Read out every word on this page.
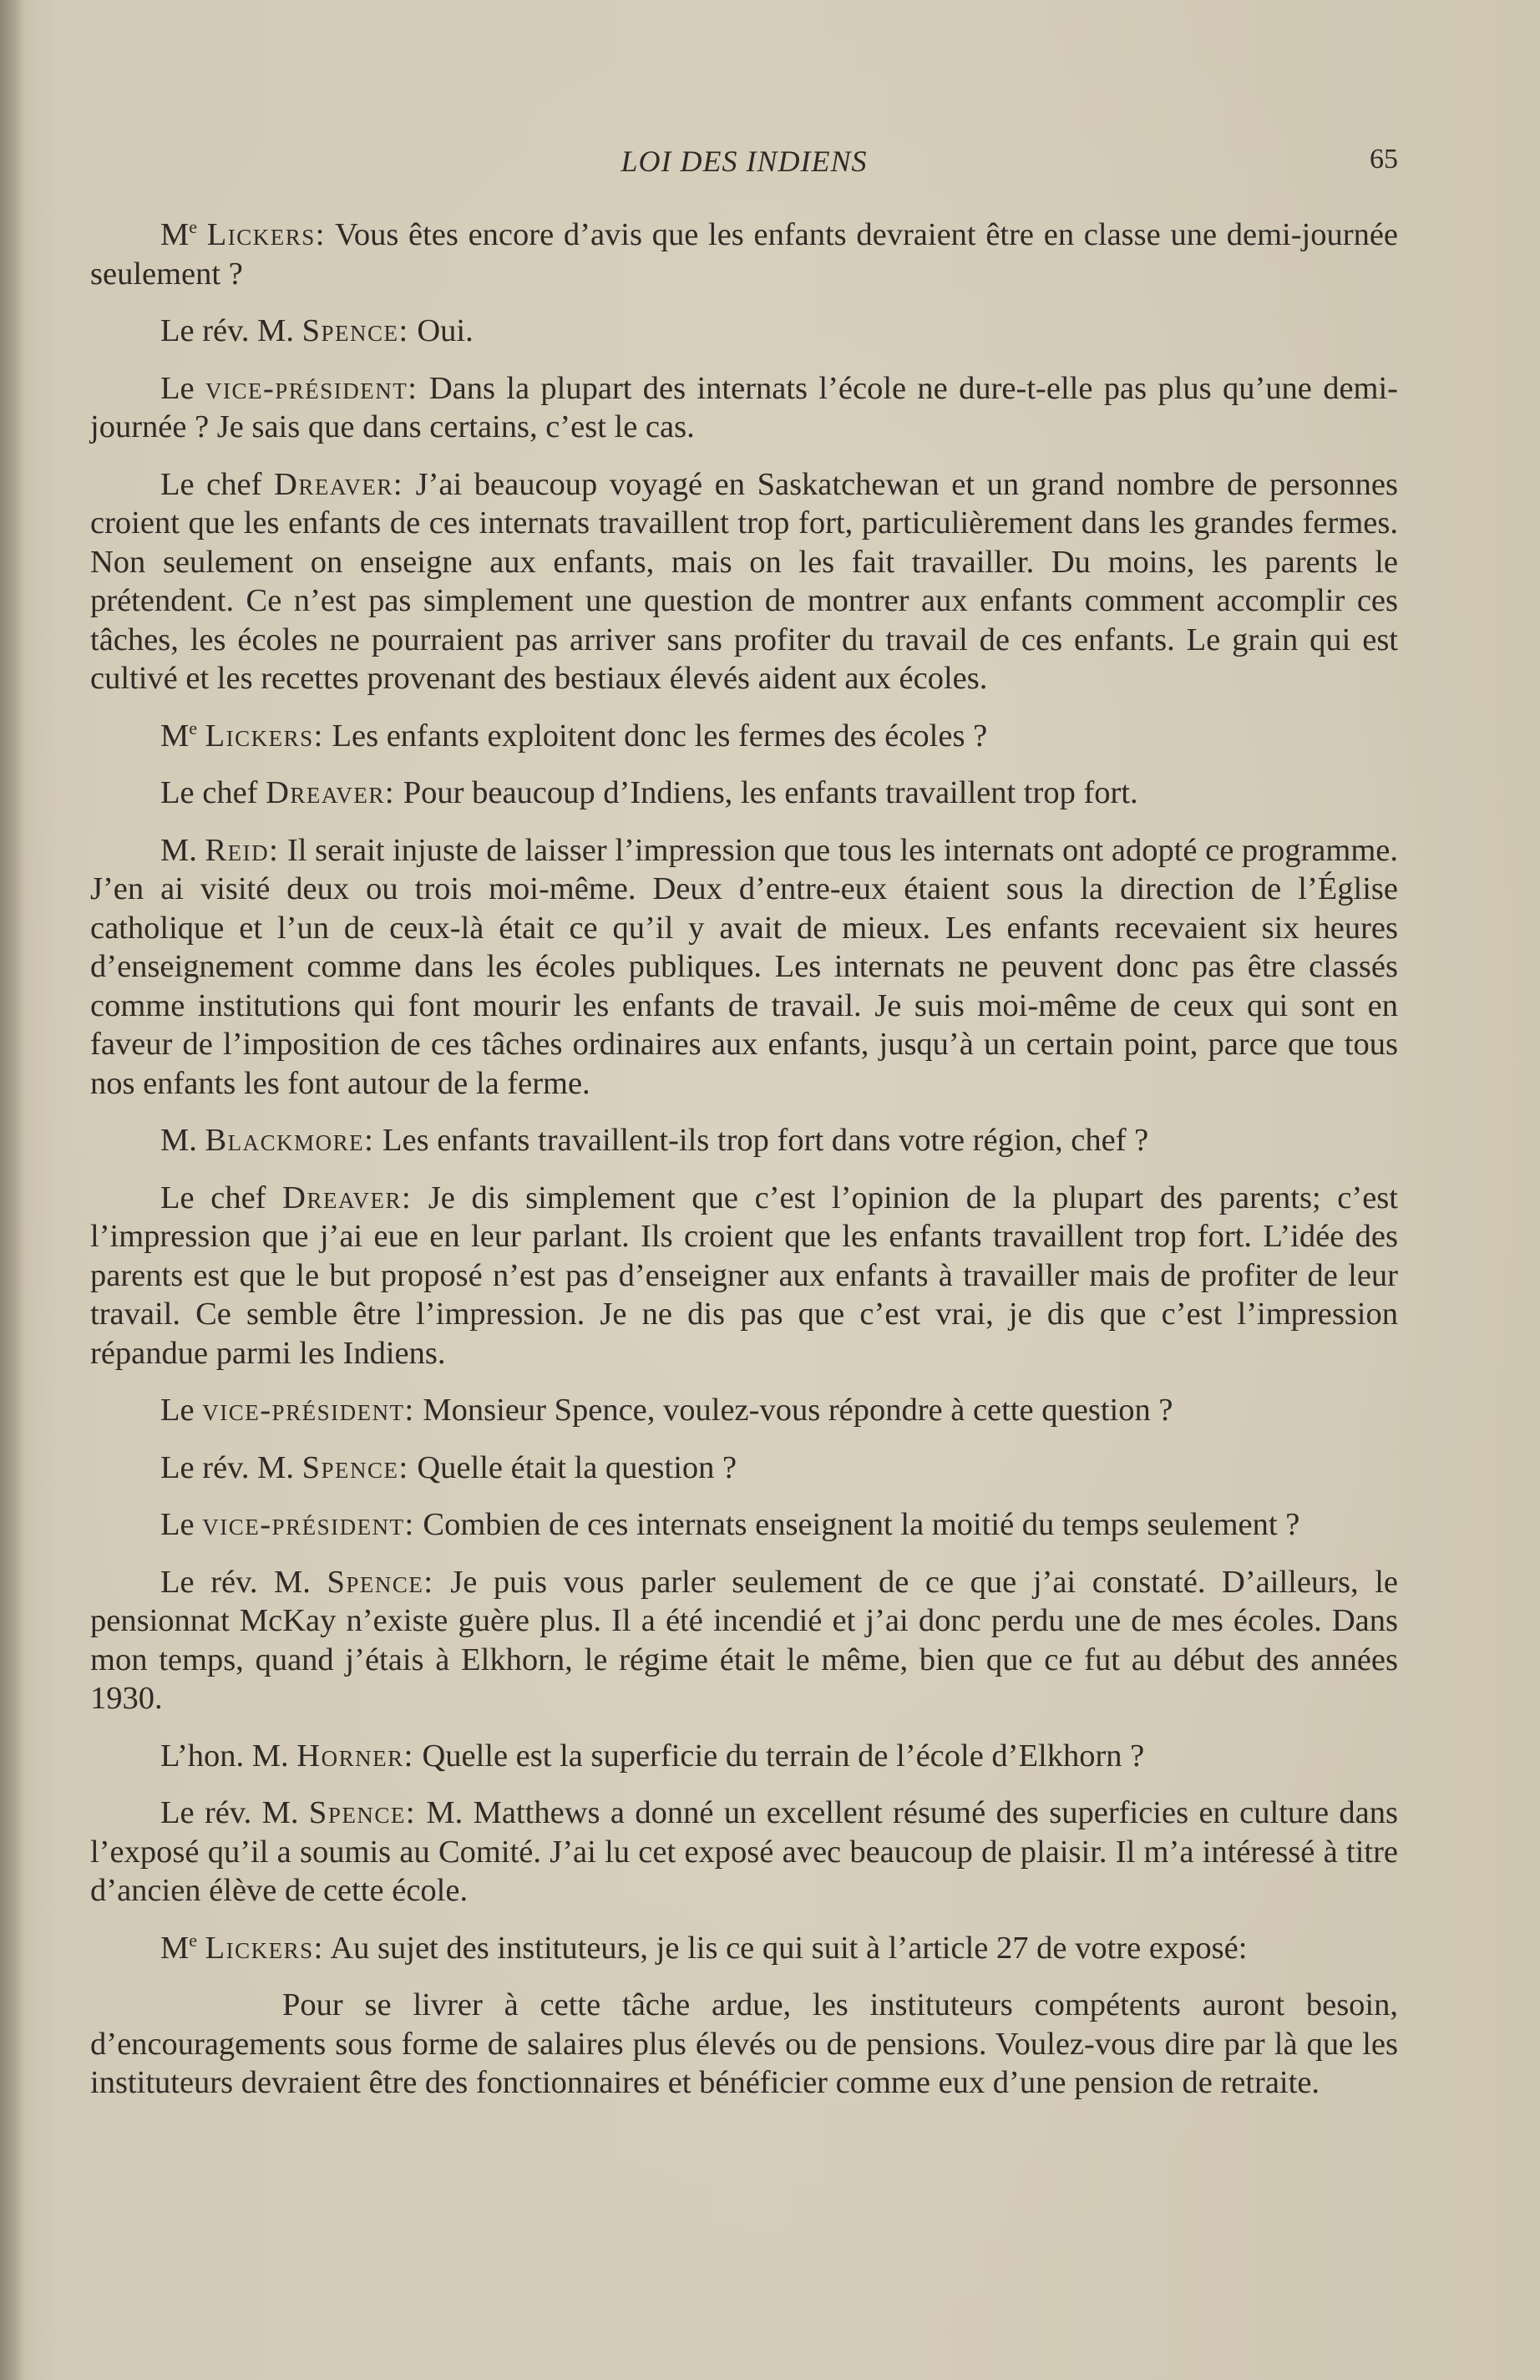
LOI DES INDIENS	65

Me Lickers: Vous êtes encore d’avis que les enfants devraient être en classe une demi-journée seulement ?

Le rév. M. Spence: Oui.

Le vice-président: Dans la plupart des internats l’école ne dure-t-elle pas plus qu’une demi-journée ? Je sais que dans certains, c’est le cas.

Le chef Dreaver: J’ai beaucoup voyagé en Saskatchewan et un grand nombre de personnes croient que les enfants de ces internats travaillent trop fort, particulièrement dans les grandes fermes. Non seulement on enseigne aux enfants, mais on les fait travailler. Du moins, les parents le prétendent. Ce n’est pas simplement une question de montrer aux enfants comment accomplir ces tâches, les écoles ne pourraient pas arriver sans profiter du travail de ces enfants. Le grain qui est cultivé et les recettes provenant des bestiaux élevés aident aux écoles.

Me Lickers: Les enfants exploitent donc les fermes des écoles ?

Le chef Dreaver: Pour beaucoup d’Indiens, les enfants travaillent trop fort.

M. Reid: Il serait injuste de laisser l’impression que tous les internats ont adopté ce programme. J’en ai visité deux ou trois moi-même. Deux d’entre-eux étaient sous la direction de l’Église catholique et l’un de ceux-là était ce qu’il y avait de mieux. Les enfants recevaient six heures d’enseignement comme dans les écoles publiques. Les internats ne peuvent donc pas être classés comme institutions qui font mourir les enfants de travail. Je suis moi-même de ceux qui sont en faveur de l’imposition de ces tâches ordinaires aux enfants, jusqu’à un certain point, parce que tous nos enfants les font autour de la ferme.

M. Blackmore: Les enfants travaillent-ils trop fort dans votre région, chef ?

Le chef Dreaver: Je dis simplement que c’est l’opinion de la plupart des parents; c’est l’impression que j’ai eue en leur parlant. Ils croient que les enfants travaillent trop fort. L’idée des parents est que le but proposé n’est pas d’enseigner aux enfants à travailler mais de profiter de leur travail. Ce semble être l’impression. Je ne dis pas que c’est vrai, je dis que c’est l’impression répandue parmi les Indiens.

Le vice-président: Monsieur Spence, voulez-vous répondre à cette question ?

Le rév. M. Spence: Quelle était la question ?

Le vice-président: Combien de ces internats enseignent la moitié du temps seulement ?

Le rév. M. Spence: Je puis vous parler seulement de ce que j’ai constaté. D’ailleurs, le pensionnat McKay n’existe guère plus. Il a été incendié et j’ai donc perdu une de mes écoles. Dans mon temps, quand j’étais à Elkhorn, le régime était le même, bien que ce fut au début des années 1930.

L’hon. M. Horner: Quelle est la superficie du terrain de l’école d’Elkhorn ?

Le rév. M. Spence: M. Matthews a donné un excellent résumé des superficies en culture dans l’exposé qu’il a soumis au Comité. J’ai lu cet exposé avec beaucoup de plaisir. Il m’a intéressé à titre d’ancien élève de cette école.

Me Lickers: Au sujet des instituteurs, je lis ce qui suit à l’article 27 de votre exposé:

Pour se livrer à cette tâche ardue, les instituteurs compétents auront besoin, d’encouragements sous forme de salaires plus élevés ou de pensions. Voulez-vous dire par là que les instituteurs devraient être des fonctionnaires et bénéficier comme eux d’une pension de retraite.
